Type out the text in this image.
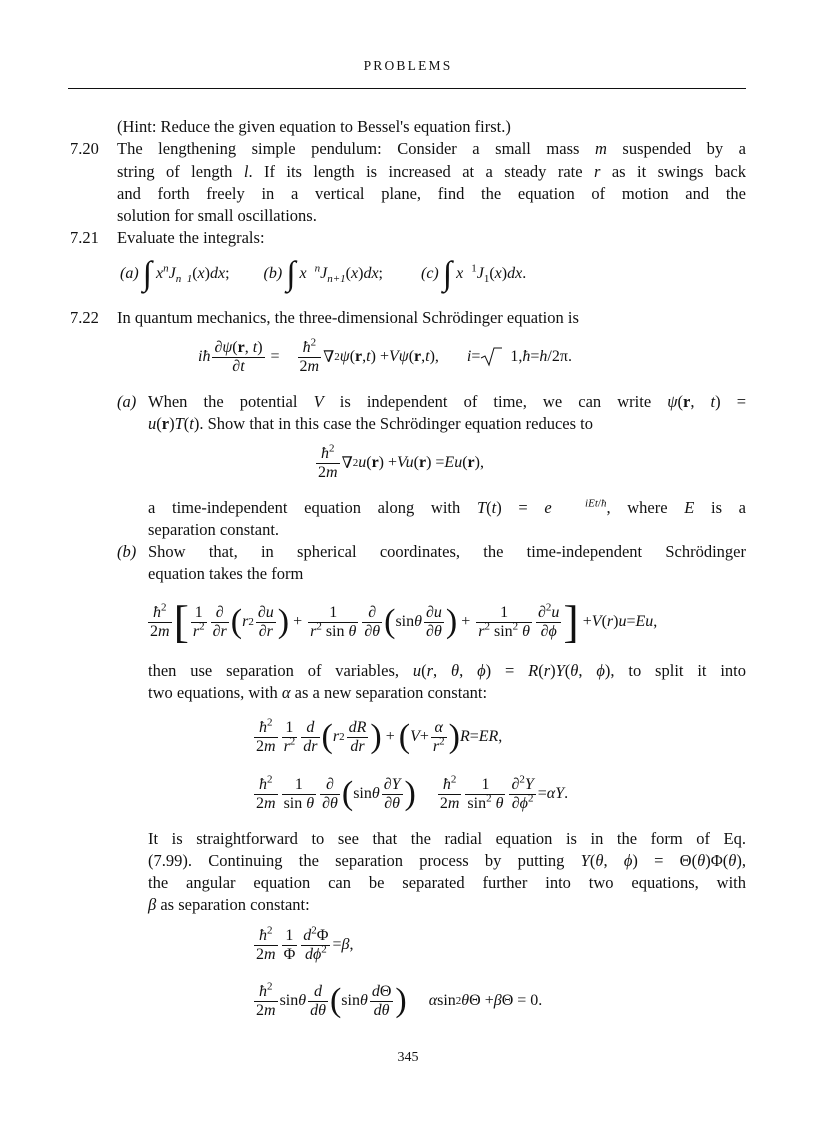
PROBLEMS
(Hint: Reduce the given equation to Bessel's equation first.)
7.20 The lengthening simple pendulum: Consider a small mass m suspended by a
string of length l. If its length is increased at a steady rate r as it swings back
and forth freely in a vertical plane, find the equation of motion and the
solution for small oscillations.
7.21 Evaluate the integrals:
(a) ∫ $x^nJ_{n 1}(x)dx$; (b) ∫ x $^nJ_{n+1}(x)dx$; (c) ∫ x $^1J_1(x)dx$.
7.22 In quantum mechanics, the three-dimensional Schrödinger equation is
iħ $\frac{\partial\psi(r, t)}{\partial t} = \frac{ħ^2}{2m}$ ∇ 2 ψ ( r , t ) + V ψ ( r , t ), i =
1, ħ = h /2π.
(a) When the potential V is independent of time, we can write ψ(r, t) =
u(r)T(t). Show that in this case the Schrödinger equation reduces to
$\frac{ħ^2}{2m}$ ∇ 2 u ( r ) + Vu ( r ) = Eu ( r ),
a time-independent equation along with T(t) = e	$^{iEt/ħ}$, where E is a
separation constant.
(b) Show that, in spherical coordinates, the time-independent Schrödinger
equation takes the form
$\frac{ħ^2}{2m}$ [ $\frac{1}{r^2} \frac{\partial}{\partial r}$ ( r $2 \frac{\partial u}{\partial r}$ ) + $\frac{1}{r^2 \sin \theta} \frac{\partial}{\partial\theta}$ ( sin θ $\frac{\partial u}{\partial\theta}$ ) + $\frac{1}{r^2 \sin^2 \theta} \frac{\partial^2u}{\partial\phi}$ ] + V ( r ) u = Eu ,
then use separation of variables, u(r, θ, ϕ) = R(r)Y(θ, ϕ), to split it into
two equations, with α as a new separation constant:
$\frac{ħ^2}{2m} \frac{1}{r^2} \frac{d}{dr}$ ( r $2 \frac{dR}{dr}$ ) + ( $V + \frac{\alpha}{r^2}$ ) R = ER ,
$\frac{ħ^2}{2m} \frac{1}{\text{sin θ}} \frac{\partial}{\partial\theta}$ ( sin θ $\frac{\partial Y}{\partial\theta}$ ) $\frac{ħ^2}{2m} \frac{1}{\sin^2 \theta} \frac{\partial^2Y}{\partial\phi^2} = \alpha Y$ .
It is straightforward to see that the radial equation is in the form of Eq.
(7.99). Continuing the separation process by putting Y(θ, ϕ) = Θ(θ)Φ(θ),
the angular equation can be separated further into two equations, with
β as separation constant:
$\frac{ħ^2}{2m} \frac{1}{\Phi} \frac{d^2\Phi}{d\phi^2} = \beta$ ,
$\frac{ħ^2}{2m}$ sin θ $\frac{d}{d\theta}$ ( sin θ $\frac{d\Theta}{d\theta}$ ) α sin 2 θ Θ + β Θ = 0.
345
